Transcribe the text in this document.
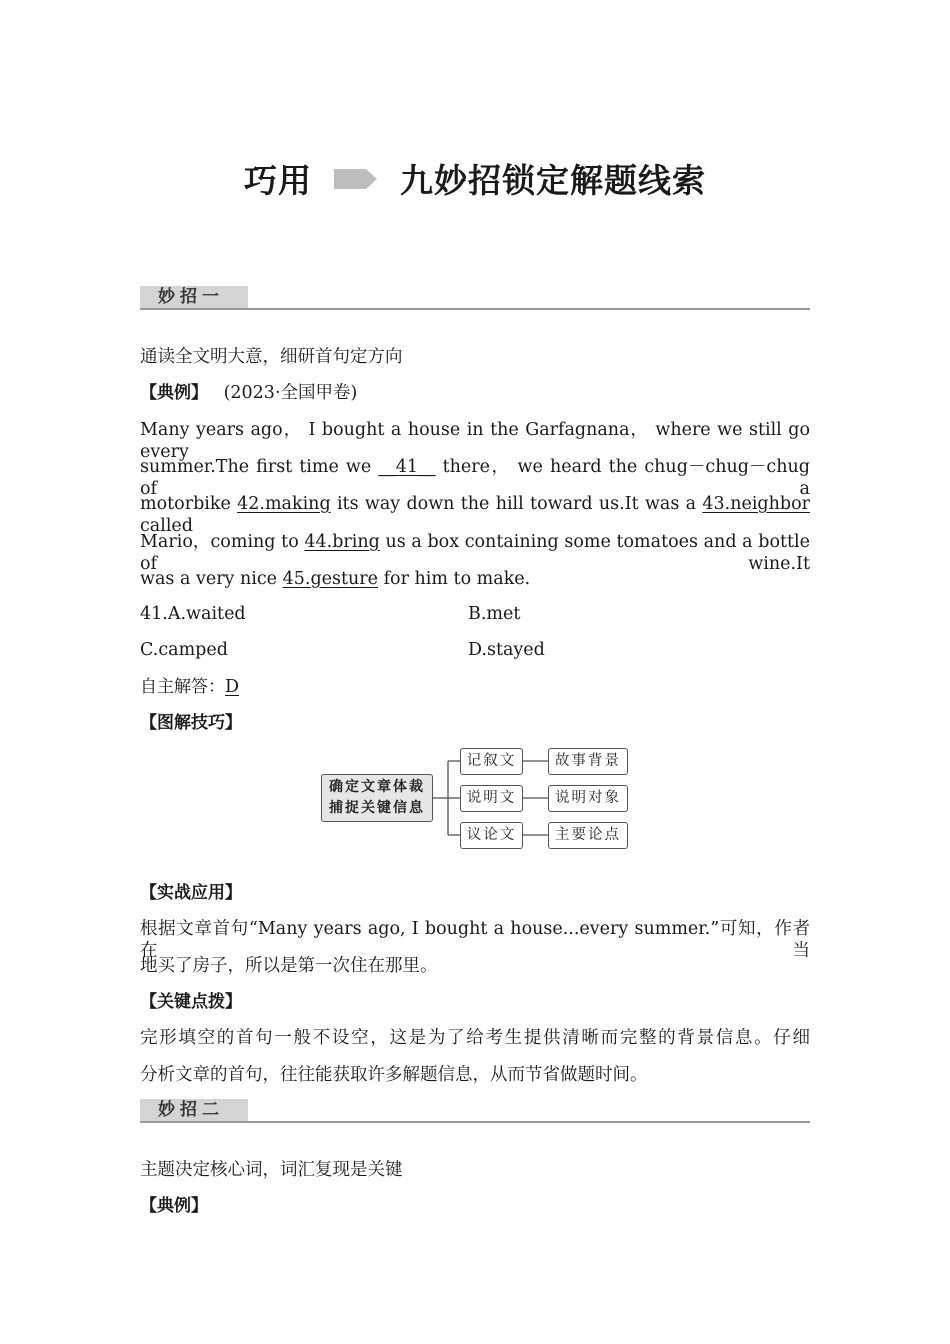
巧用	九妙招锁定解题线索
妙招一
通读全文明大意，细研首句定方向
【典例】 (2023·全国甲卷)
Many years ago， I bought a house in the Garfagnana， where we still go every
summer.The first time we __41__ there， we heard the chug－chug－chug of a
motorbike 42.making its way down the hill toward us.It was a 43.neighbor called
Mario，coming to 44.bring us a box containing some tomatoes and a bottle of wine.It
was a very nice 45.gesture for him to make.
41.A.waited	B.met
C.camped	D.stayed
自主解答：D
【图解技巧】
确定文章体裁
捕捉关键信息
记叙文
说明文
议论文
故事背景
说明对象
主要论点
【实战应用】
根据文章首句“Many years ago, I bought a house...every summer.”可知，作者在当
地买了房子，所以是第一次住在那里。
【关键点拨】
完形填空的首句一般不设空，这是为了给考生提供清晰而完整的背景信息。仔细
分析文章的首句，往往能获取许多解题信息，从而节省做题时间。
妙招二
主题决定核心词，词汇复现是关键
【典例】
